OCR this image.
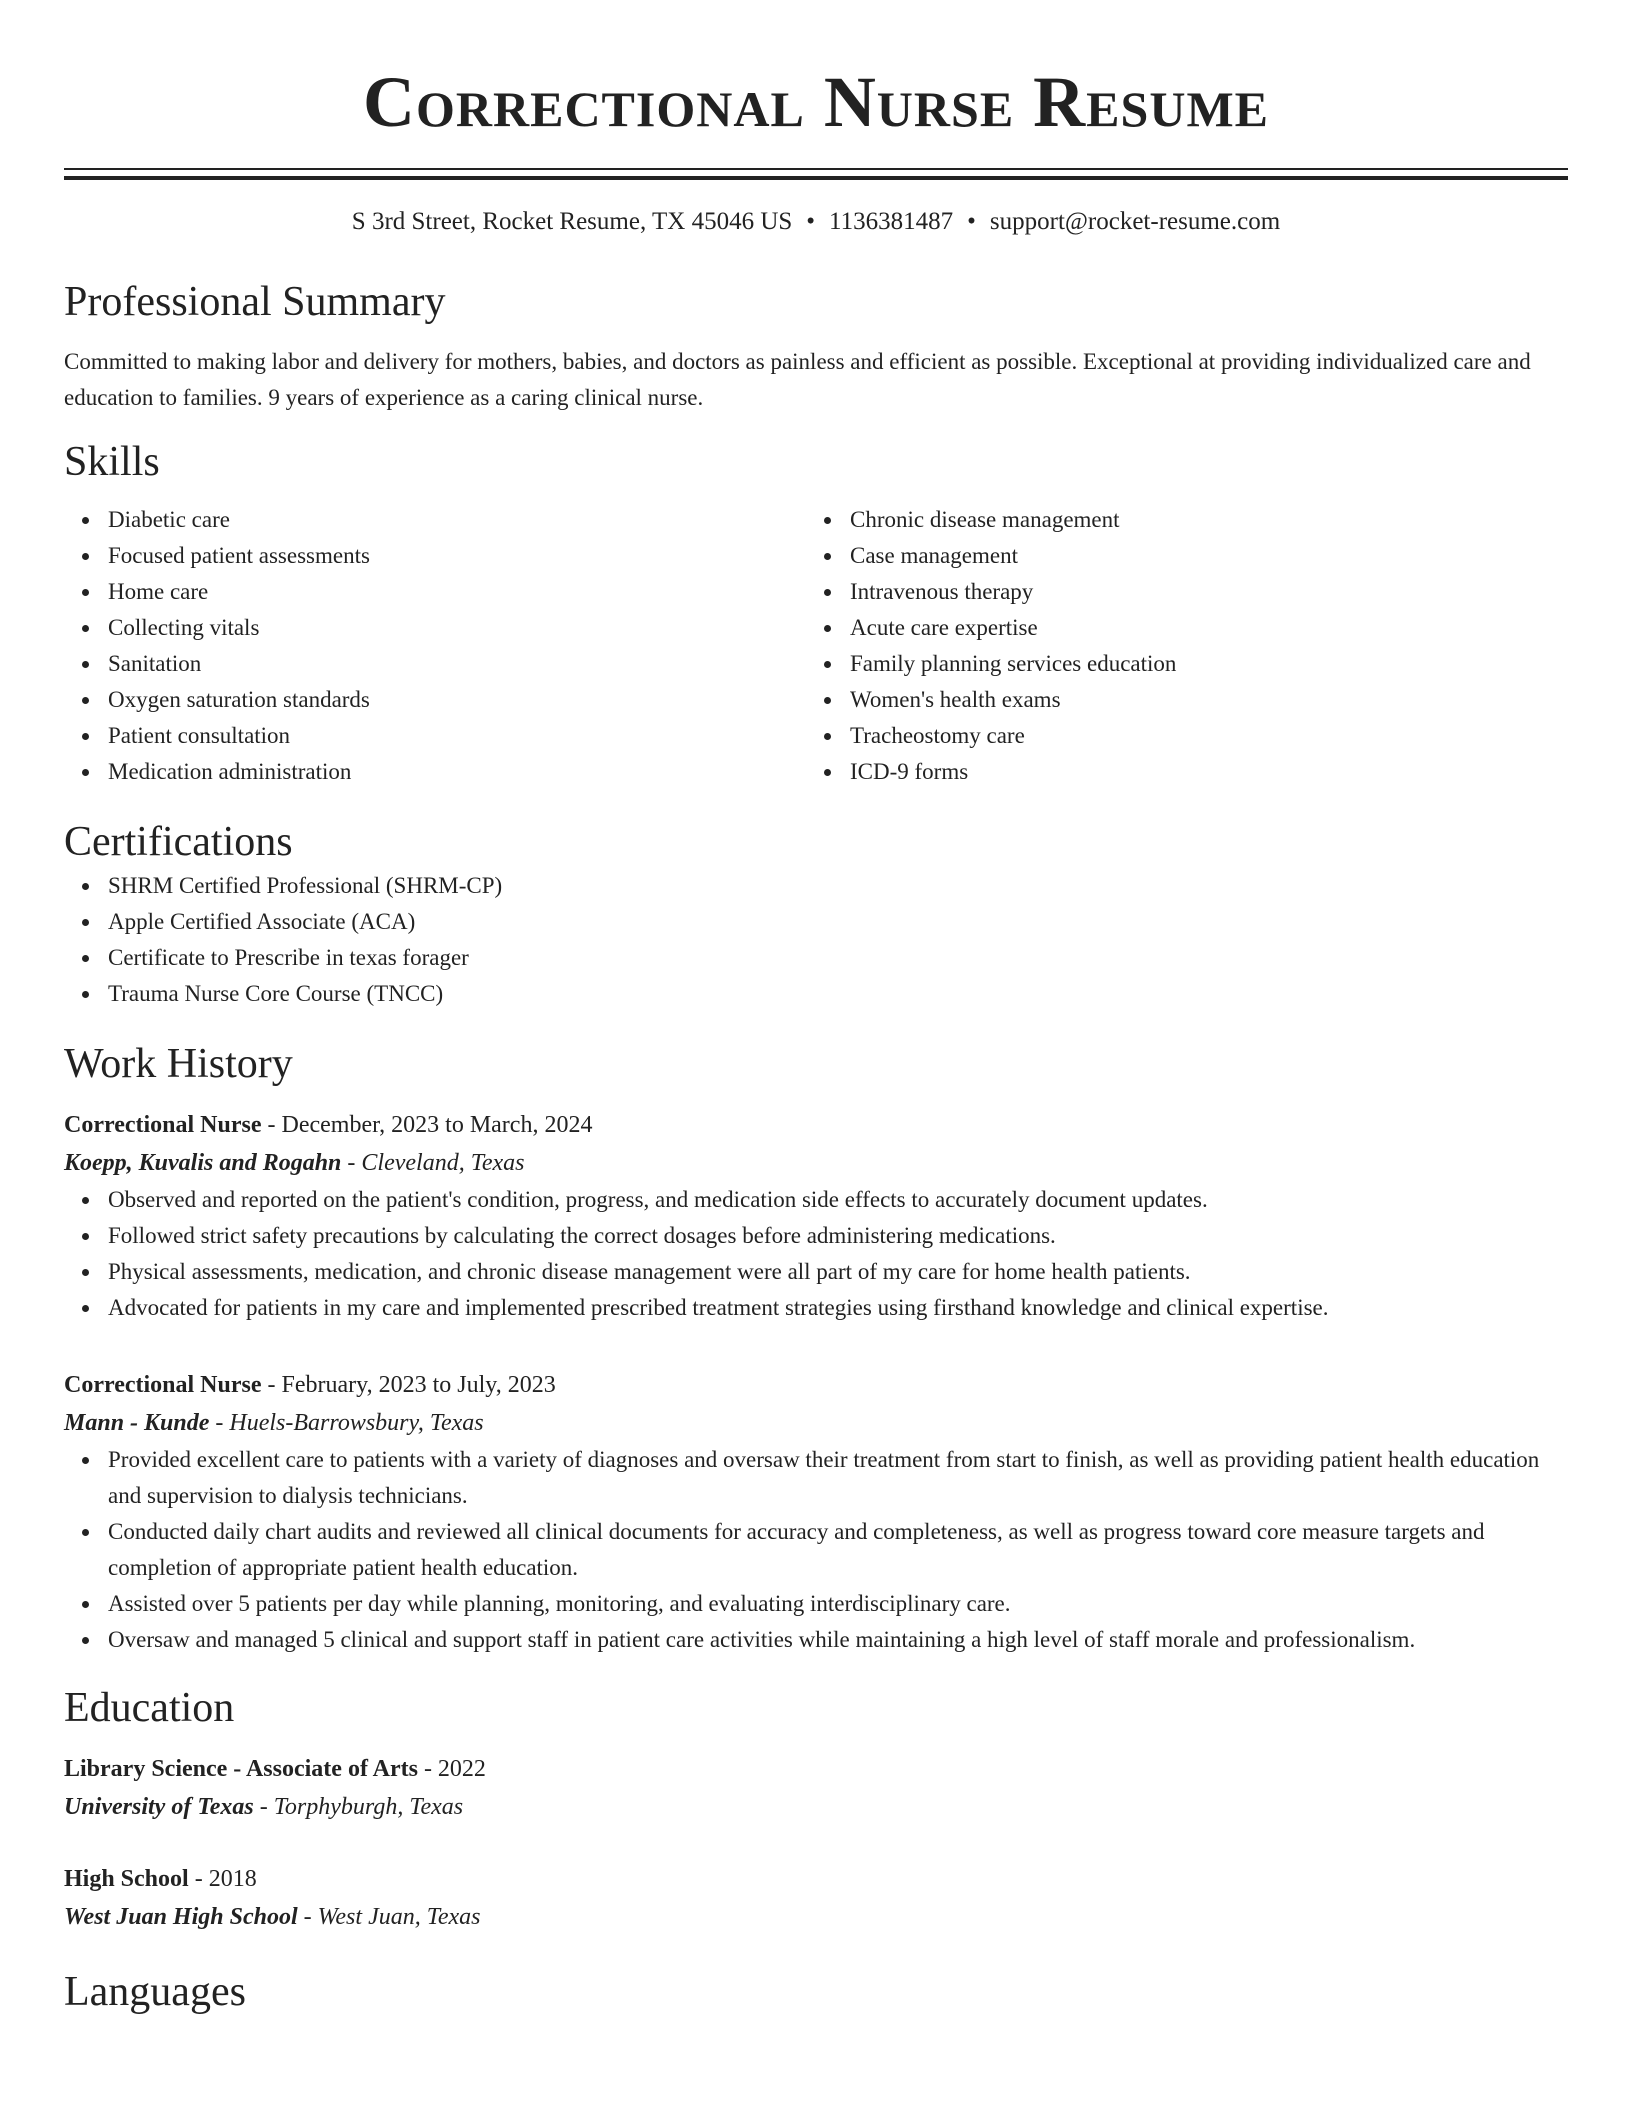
Correctional Nurse Resume
S 3rd Street, Rocket Resume, TX 45046 US • 1136381487 • support@rocket-resume.com
Professional Summary

Committed to making labor and delivery for mothers, babies, and doctors as painless and efficient as possible. Exceptional at providing individualized care and education to families. 9 years of experience as a caring clinical nurse.

Skills
Diabetic care
Focused patient assessments
Home care
Collecting vitals
Sanitation
Oxygen saturation standards
Patient consultation
Medication administration
Chronic disease management
Case management
Intravenous therapy
Acute care expertise
Family planning services education
Women's health exams
Tracheostomy care
ICD-9 forms
Certifications
SHRM Certified Professional (SHRM-CP)
Apple Certified Associate (ACA)
Certificate to Prescribe in texas forager
Trauma Nurse Core Course (TNCC)
Work History
Correctional Nurse - December, 2023 to March, 2024
Koepp, Kuvalis and Rogahn - Cleveland, Texas
Observed and reported on the patient's condition, progress, and medication side effects to accurately document updates.
Followed strict safety precautions by calculating the correct dosages before administering medications.
Physical assessments, medication, and chronic disease management were all part of my care for home health patients.
Advocated for patients in my care and implemented prescribed treatment strategies using firsthand knowledge and clinical expertise.
Correctional Nurse - February, 2023 to July, 2023
Mann - Kunde - Huels-Barrowsbury, Texas
Provided excellent care to patients with a variety of diagnoses and oversaw their treatment from start to finish, as well as providing patient health education and supervision to dialysis technicians.
Conducted daily chart audits and reviewed all clinical documents for accuracy and completeness, as well as progress toward core measure targets and completion of appropriate patient health education.
Assisted over 5 patients per day while planning, monitoring, and evaluating interdisciplinary care.
Oversaw and managed 5 clinical and support staff in patient care activities while maintaining a high level of staff morale and professionalism.
Education
Library Science - Associate of Arts - 2022
University of Texas - Torphyburgh, Texas
High School - 2018
West Juan High School - West Juan, Texas
Languages
